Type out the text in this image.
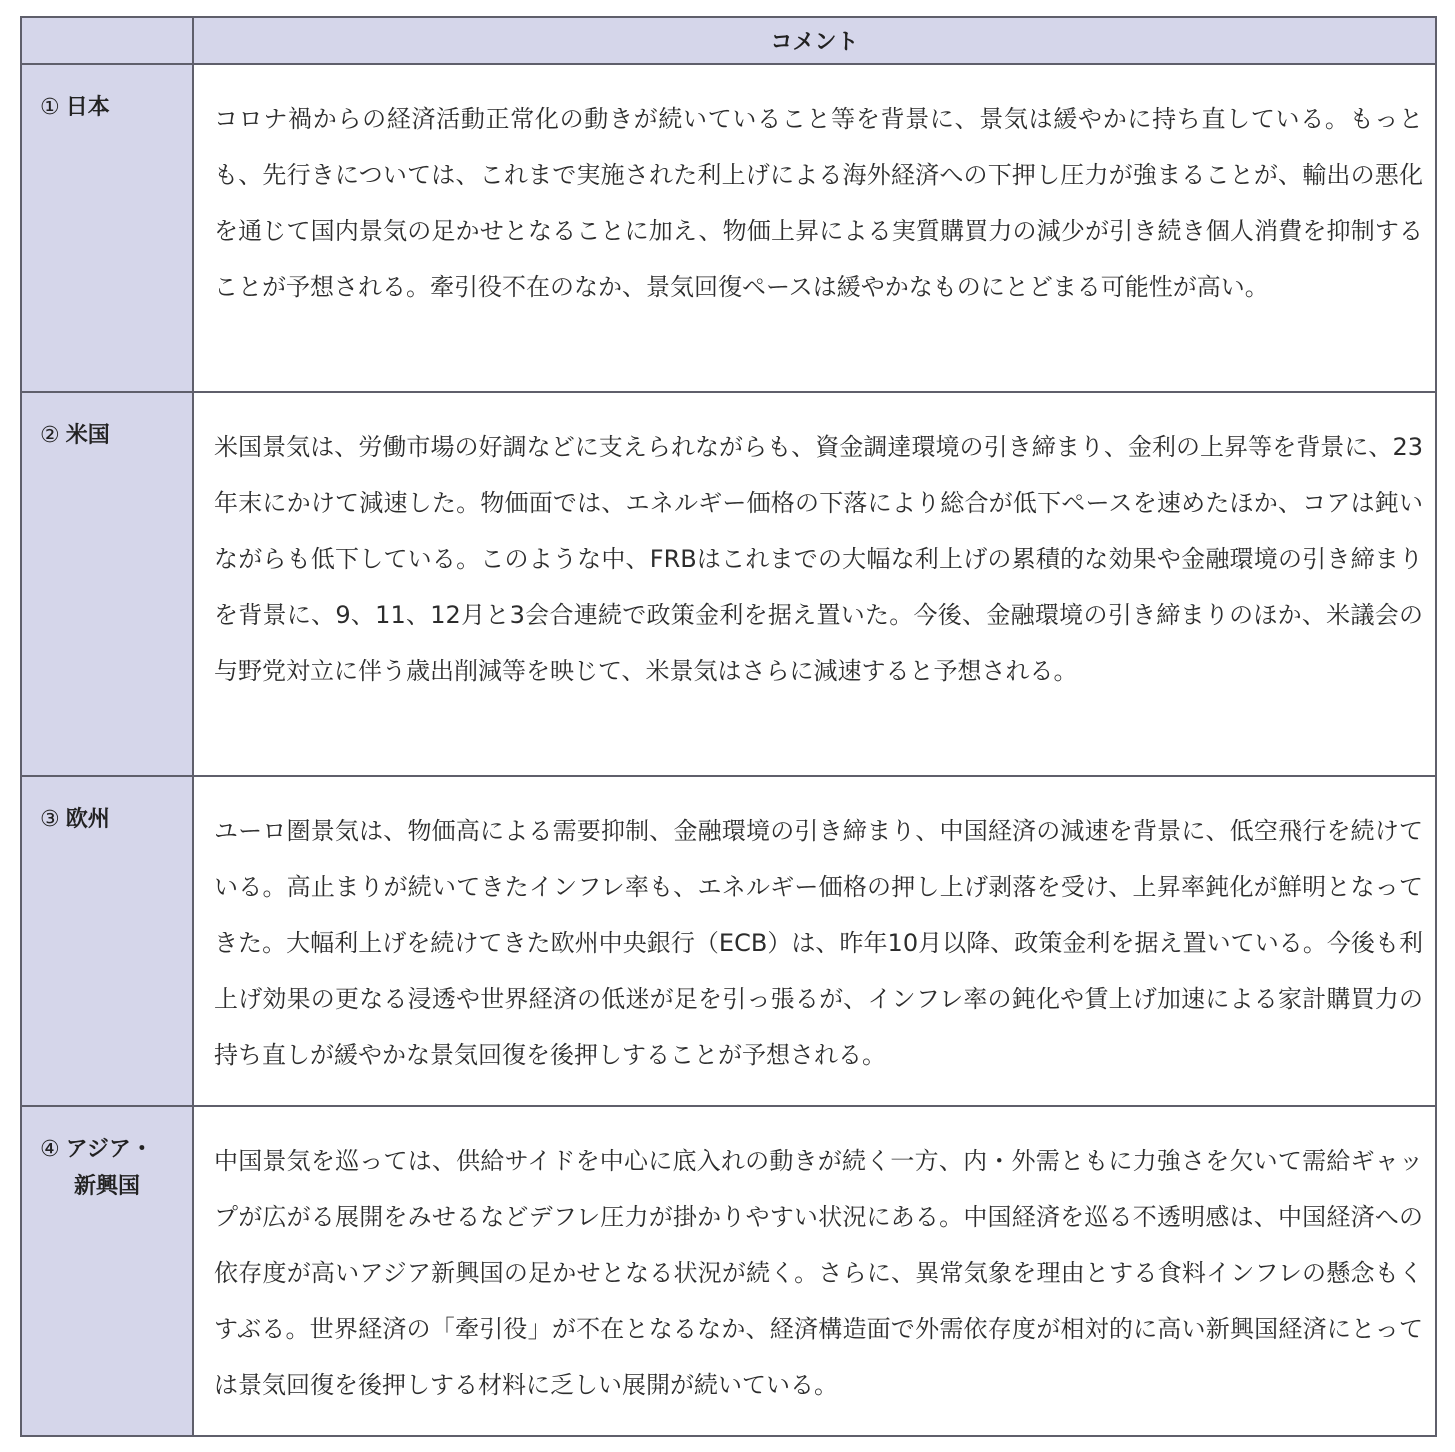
	コメント
① 日本	コロナ禍からの経済活動正常化の動きが続いていること等を背景に、景気は緩やかに持ち直している。もっとも、先行きについては、これまで実施された利上げによる海外経済への下押し圧力が強まることが、輸出の悪化を通じて国内景気の足かせとなることに加え、物価上昇による実質購買力の減少が引き続き個人消費を抑制することが予想される。牽引役不在のなか、景気回復ペースは緩やかなものにとどまる可能性が高い。
② 米国	米国景気は、労働市場の好調などに支えられながらも、資金調達環境の引き締まり、金利の上昇等を背景に、23年末にかけて減速した。物価面では、エネルギー価格の下落により総合が低下ペースを速めたほか、コアは鈍いながらも低下している。このような中、FRBはこれまでの大幅な利上げの累積的な効果や金融環境の引き締まりを背景に、9、11、12月と3会合連続で政策金利を据え置いた。今後、金融環境の引き締まりのほか、米議会の与野党対立に伴う歳出削減等を映じて、米景気はさらに減速すると予想される。
③ 欧州	ユーロ圏景気は、物価高による需要抑制、金融環境の引き締まり、中国経済の減速を背景に、低空飛行を続けている。高止まりが続いてきたインフレ率も、エネルギー価格の押し上げ剥落を受け、上昇率鈍化が鮮明となってきた。大幅利上げを続けてきた欧州中央銀行（ECB）は、昨年10月以降、政策金利を据え置いている。今後も利上げ効果の更なる浸透や世界経済の低迷が足を引っ張るが、インフレ率の鈍化や賃上げ加速による家計購買力の持ち直しが緩やかな景気回復を後押しすることが予想される。
④ アジア・
新興国	中国景気を巡っては、供給サイドを中心に底入れの動きが続く一方、内・外需ともに力強さを欠いて需給ギャップが広がる展開をみせるなどデフレ圧力が掛かりやすい状況にある。中国経済を巡る不透明感は、中国経済への依存度が高いアジア新興国の足かせとなる状況が続く。さらに、異常気象を理由とする食料インフレの懸念もくすぶる。世界経済の「牽引役」が不在となるなか、経済構造面で外需依存度が相対的に高い新興国経済にとっては景気回復を後押しする材料に乏しい展開が続いている。
